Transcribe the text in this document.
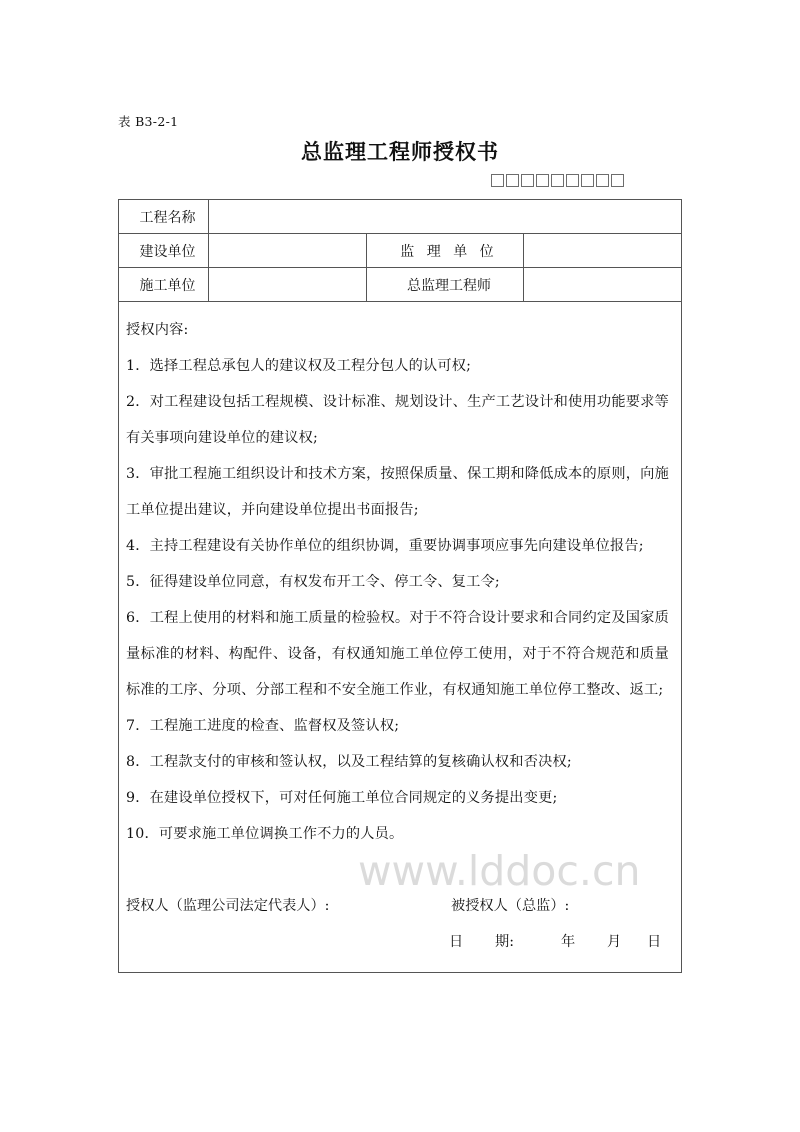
表 B3-2-1
总监理工程师授权书
工程名称			
建设单位		监 理 单 位	
施工单位		总监理工程师	

www.lddoc.cn

授权内容:

1．选择工程总承包人的建议权及工程分包人的认可权;

2．对工程建设包括工程规模、设计标准、规划设计、生产工艺设计和使用功能要求等有关事项向建设单位的建议权;

3．审批工程施工组织设计和技术方案，按照保质量、保工期和降低成本的原则，向施工单位提出建议，并向建设单位提出书面报告;

4．主持工程建设有关协作单位的组织协调，重要协调事项应事先向建设单位报告;

5．征得建设单位同意，有权发布开工令、停工令、复工令;

6．工程上使用的材料和施工质量的检验权。对于不符合设计要求和合同约定及国家质量标准的材料、构配件、设备，有权通知施工单位停工使用，对于不符合规范和质量标准的工序、分项、分部工程和不安全施工作业，有权通知施工单位停工整改、返工;

7．工程施工进度的检查、监督权及签认权;

8．工程款支付的审核和签认权，以及工程结算的复核确认权和否决权;

9．在建设单位授权下，可对任何施工单位合同规定的义务提出变更;

10．可要求施工单位调换工作不力的人员。

授权人（监理公司法定代表人）:	被授权人（总监）:
日	期:	年	月	日
